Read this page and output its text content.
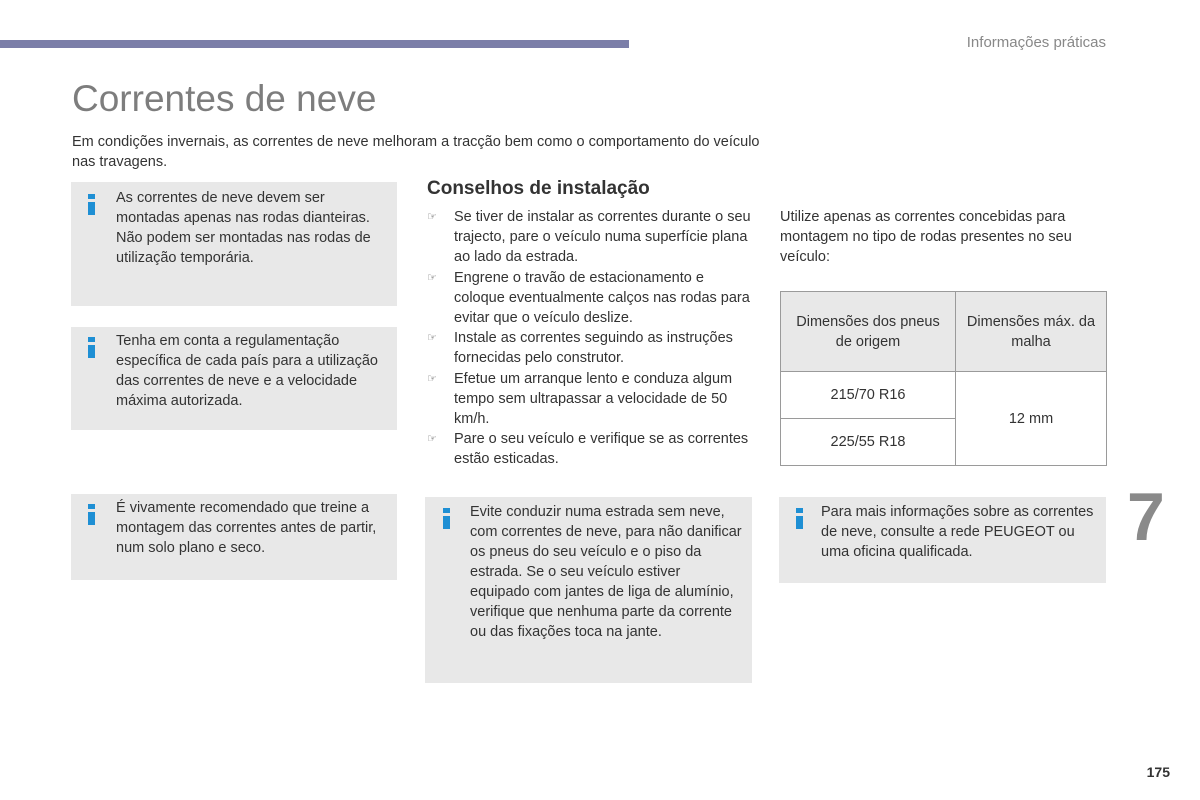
Informações práticas
Correntes de neve

Em condições invernais, as correntes de neve melhoram a tracção bem como o comportamento do veículo nas travagens.

As correntes de neve devem ser montadas apenas nas rodas dianteiras. Não podem ser montadas nas rodas de utilização temporária.

Tenha em conta a regulamentação específica de cada país para a utilização das correntes de neve e a velocidade máxima autorizada.

É vivamente recomendado que treine a montagem das correntes antes de partir, num solo plano e seco.

Conselhos de instalação
☞ Se tiver de instalar as correntes durante o seu trajecto, pare o veículo numa superfície plana ao lado da estrada.
☞ Engrene o travão de estacionamento e coloque eventualmente calços nas rodas para evitar que o veículo deslize.
☞ Instale as correntes seguindo as instruções fornecidas pelo construtor.
☞ Efetue um arranque lento e conduza algum tempo sem ultrapassar a velocidade de 50 km/h.
☞ Pare o seu veículo e verifique se as correntes estão esticadas.

Evite conduzir numa estrada sem neve, com correntes de neve, para não danificar os pneus do seu veículo e o piso da estrada. Se o seu veículo estiver equipado com jantes de liga de alumínio, verifique que nenhuma parte da corrente ou das fixações toca na jante.

Utilize apenas as correntes concebidas para montagem no tipo de rodas presentes no seu veículo:

Dimensões dos pneus de origem	Dimensões máx. da malha
215/70 R16	12 mm
225/55 R18	

Para mais informações sobre as correntes de neve, consulte a rede PEUGEOT ou uma oficina qualificada.	7
175
